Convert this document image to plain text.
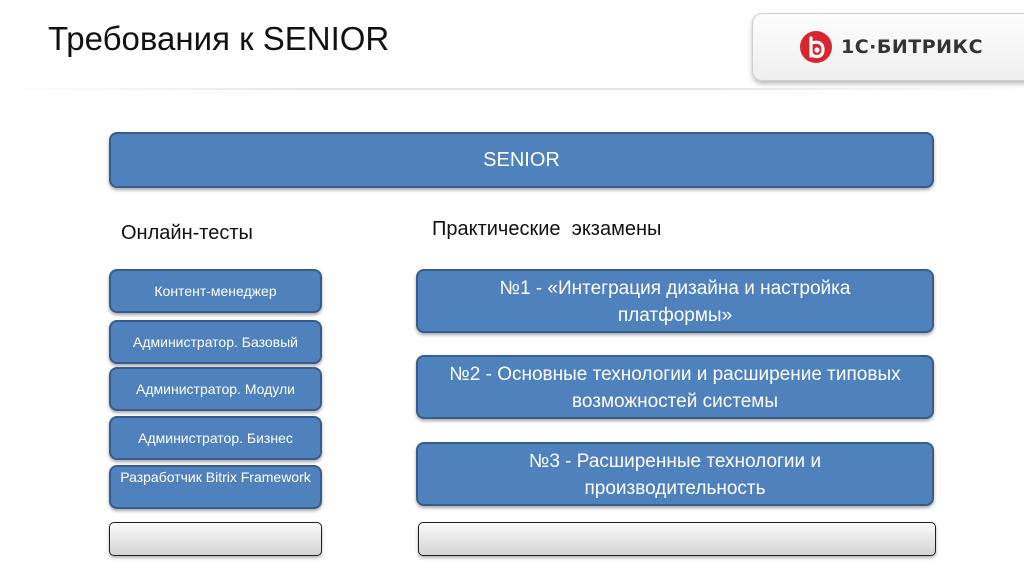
Требования к SENIOR	1С·БИТРИКС
SENIOR
Онлайн-тесты	Практические  экзамены
Контент-менеджер
Администратор. Базовый
Администратор. Модули
Администратор. Бизнес
Разработчик Bitrix Framework
№1 - «Интеграция дизайна и настройка платформы»
№2 - Основные технологии и расширение типовых возможностей системы
№3 - Расширенные технологии и производительность
